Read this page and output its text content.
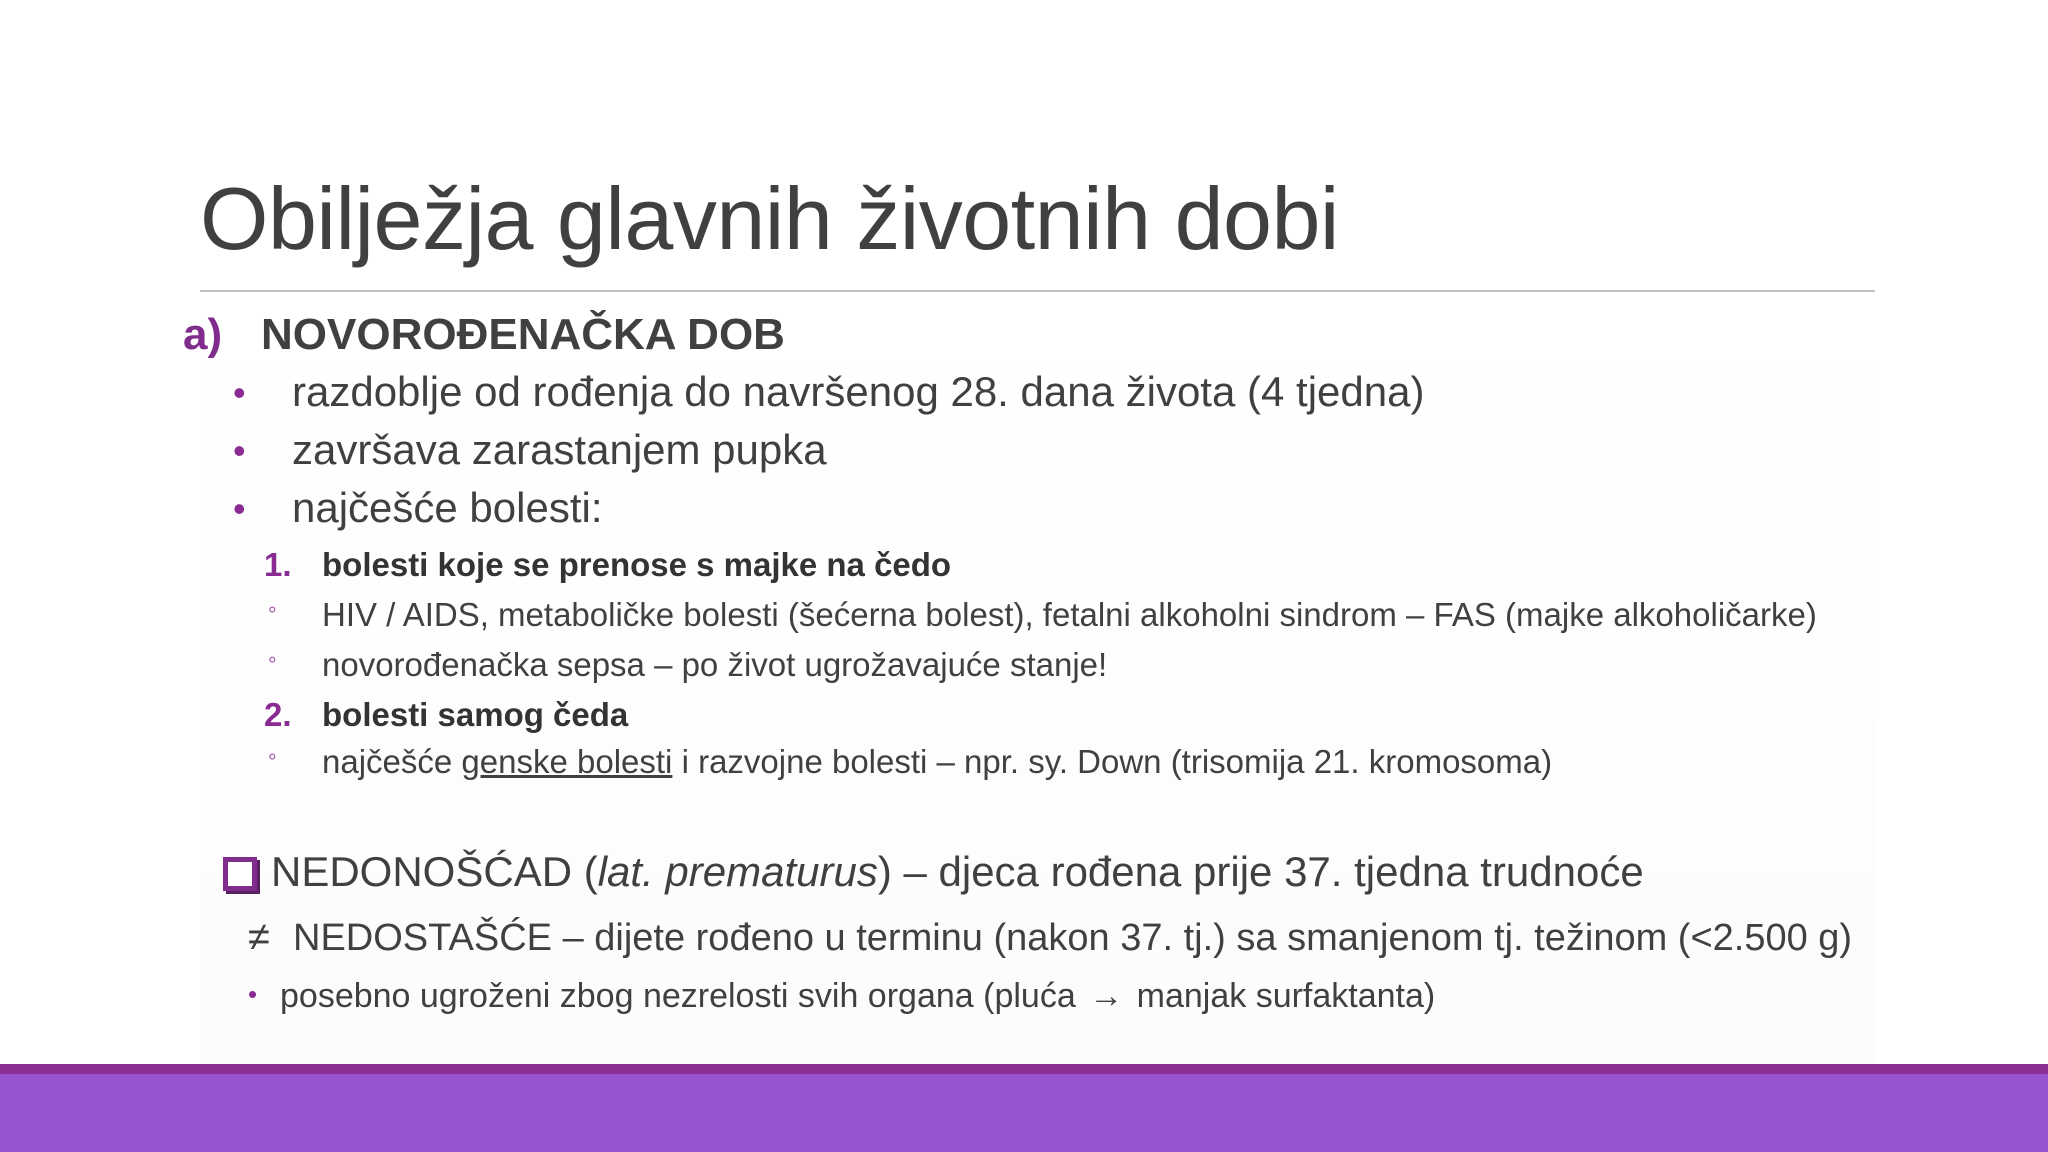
Obilježja glavnih životnih dobi
a) NOVOROĐENAČKA DOB
• razdoblje od rođenja do navršenog 28. dana života (4 tjedna)
• završava zarastanjem pupka
• najčešće bolesti:
1. bolesti koje se prenose s majke na čedo
◦ HIV / AIDS, metaboličke bolesti (šećerna bolest), fetalni alkoholni sindrom – FAS (majke alkoholičarke)
◦ novorođenačka sepsa – po život ugrožavajuće stanje!
2. bolesti samog čeda
◦ najčešće genske bolesti i razvojne bolesti – npr. sy. Down (trisomija 21. kromosoma)
NEDONOŠĆAD (lat. prematurus) – djeca rođena prije 37. tjedna trudnoće
≠ NEDOSTAŠĆE – dijete rođeno u terminu (nakon 37. tj.) sa smanjenom tj. težinom (<2.500 g)
• posebno ugroženi zbog nezrelosti svih organa (pluća → manjak surfaktanta)
